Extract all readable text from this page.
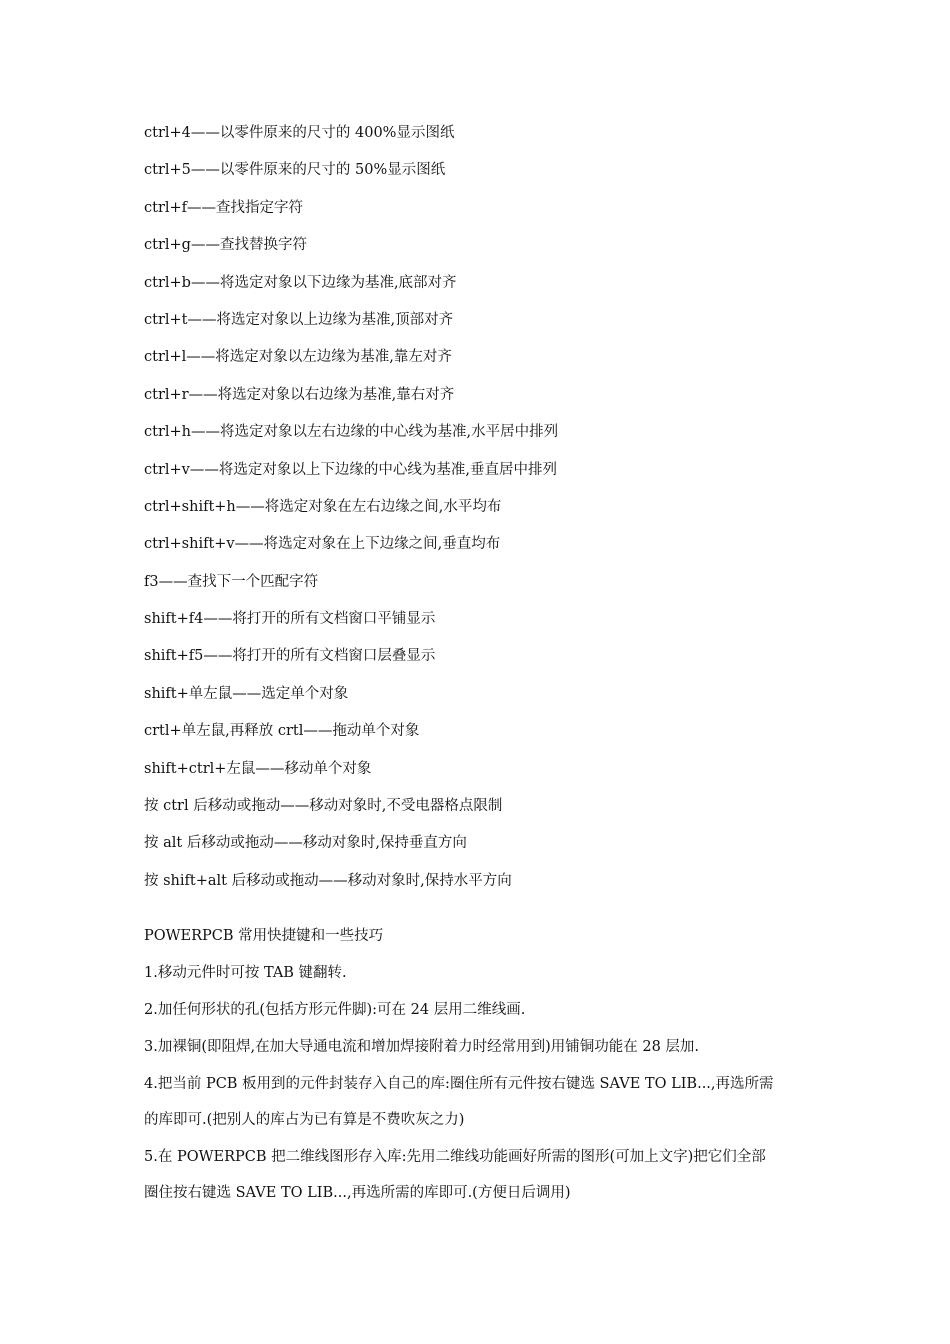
ctrl+4——以零件原来的尺寸的 400%显示图纸
ctrl+5——以零件原来的尺寸的 50%显示图纸
ctrl+f——查找指定字符
ctrl+g——查找替换字符
ctrl+b——将选定对象以下边缘为基准,底部对齐
ctrl+t——将选定对象以上边缘为基准,顶部对齐
ctrl+l——将选定对象以左边缘为基准,靠左对齐
ctrl+r——将选定对象以右边缘为基准,靠右对齐
ctrl+h——将选定对象以左右边缘的中心线为基准,水平居中排列
ctrl+v——将选定对象以上下边缘的中心线为基准,垂直居中排列
ctrl+shift+h——将选定对象在左右边缘之间,水平均布
ctrl+shift+v——将选定对象在上下边缘之间,垂直均布
f3——查找下一个匹配字符
shift+f4——将打开的所有文档窗口平铺显示
shift+f5——将打开的所有文档窗口层叠显示
shift+单左鼠——选定单个对象
crtl+单左鼠,再释放 crtl——拖动单个对象
shift+ctrl+左鼠——移动单个对象
按 ctrl 后移动或拖动——移动对象时,不受电器格点限制
按 alt 后移动或拖动——移动对象时,保持垂直方向
按 shift+alt 后移动或拖动——移动对象时,保持水平方向
POWERPCB 常用快捷键和一些技巧
1.移动元件时可按 TAB 键翻转.
2.加任何形状的孔(包括方形元件脚):可在 24 层用二维线画.
3.加裸铜(即阻焊,在加大导通电流和增加焊接附着力时经常用到)用铺铜功能在 28 层加.
4.把当前 PCB 板用到的元件封装存入自己的库:圈住所有元件按右键选 SAVE TO LIB...,再选所需
的库即可.(把别人的库占为已有算是不费吹灰之力)
5.在 POWERPCB 把二维线图形存入库:先用二维线功能画好所需的图形(可加上文字)把它们全部
圈住按右键选 SAVE TO LIB...,再选所需的库即可.(方便日后调用)
